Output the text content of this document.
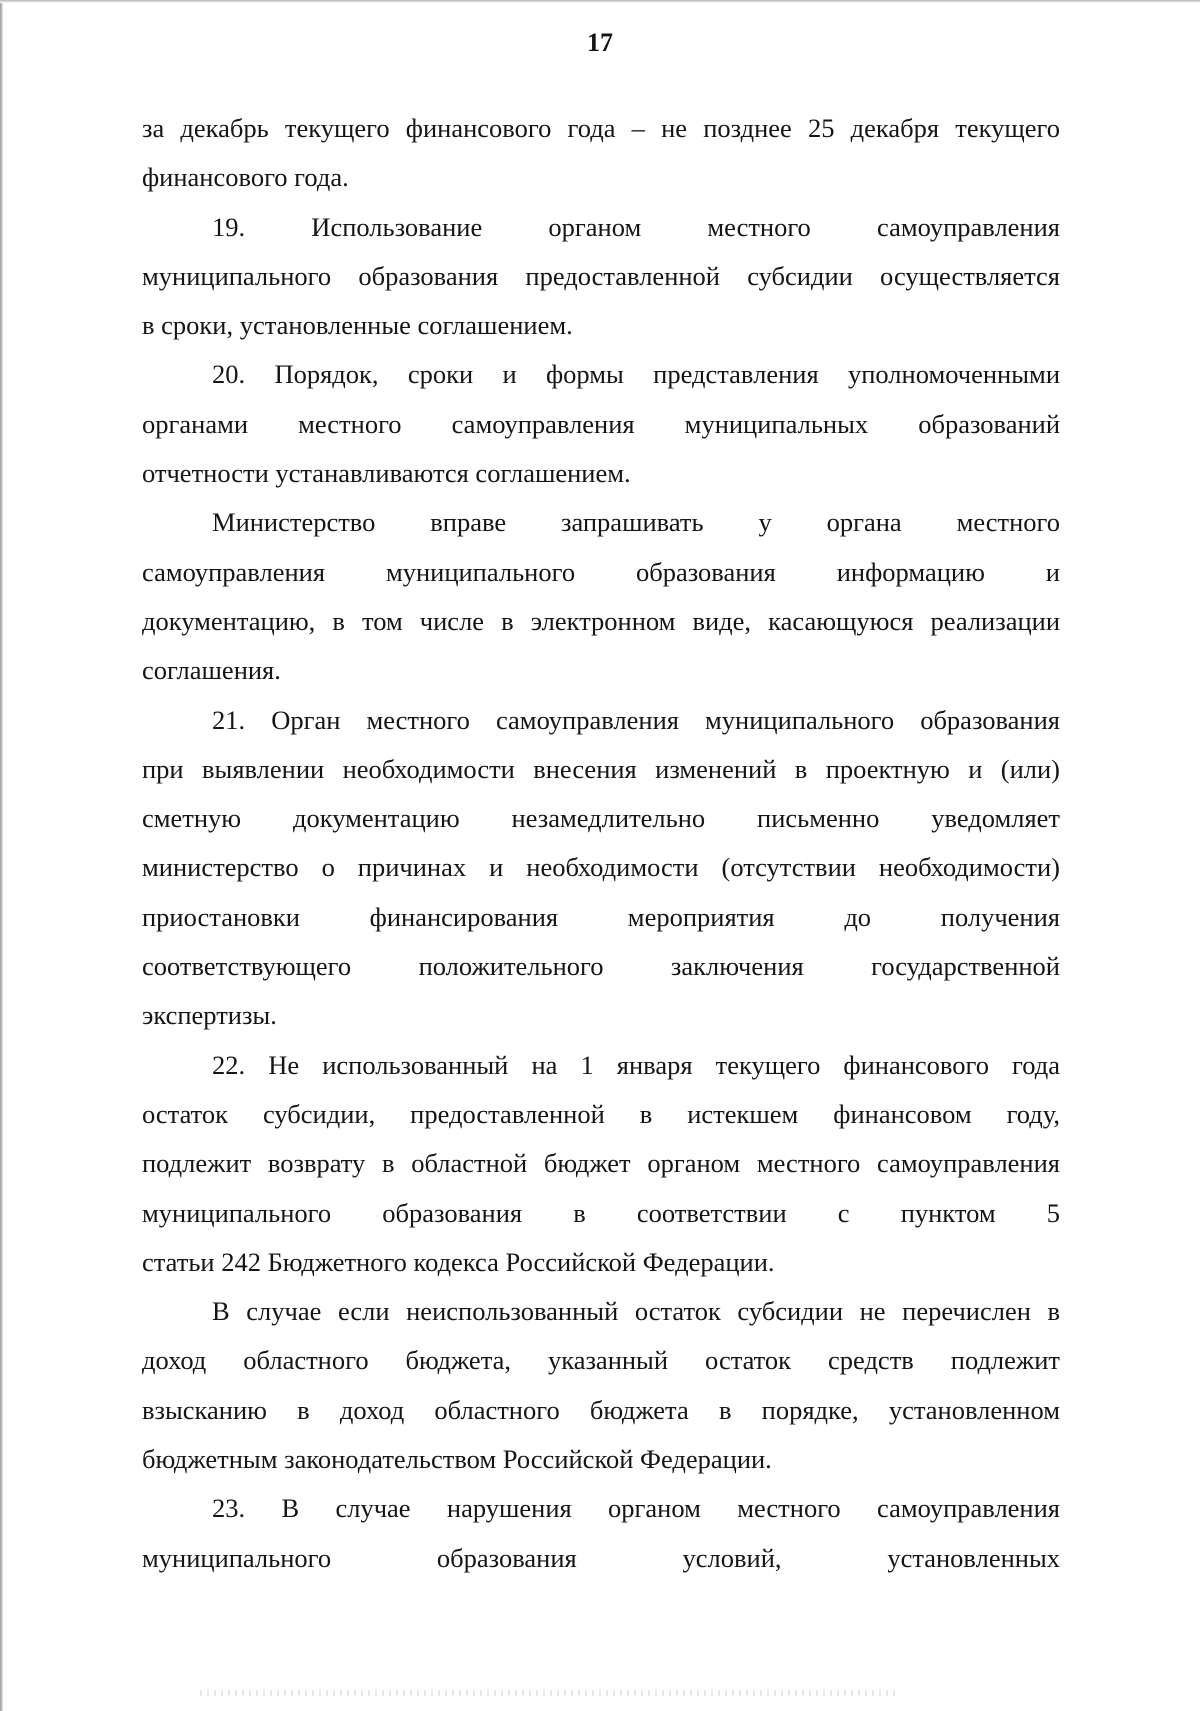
17
за декабрь текущего финансового года – не позднее 25 декабря текущего
финансового года.
19. Использование органом местного самоуправления
муниципального образования предоставленной субсидии осуществляется
в сроки, установленные соглашением.
20. Порядок, сроки и формы представления уполномоченными
органами местного самоуправления муниципальных образований
отчетности устанавливаются соглашением.
Министерство вправе запрашивать у органа местного
самоуправления муниципального образования информацию и
документацию, в том числе в электронном виде, касающуюся реализации
соглашения.
21. Орган местного самоуправления муниципального образования
при выявлении необходимости внесения изменений в проектную и (или)
сметную документацию незамедлительно письменно уведомляет
министерство о причинах и необходимости (отсутствии необходимости)
приостановки финансирования мероприятия до получения
соответствующего положительного заключения государственной
экспертизы.
22. Не использованный на 1 января текущего финансового года
остаток субсидии, предоставленной в истекшем финансовом году,
подлежит возврату в областной бюджет органом местного самоуправления
муниципального образования в соответствии с пунктом 5
статьи 242 Бюджетного кодекса Российской Федерации.
В случае если неиспользованный остаток субсидии не перечислен в
доход областного бюджета, указанный остаток средств подлежит
взысканию в доход областного бюджета в порядке, установленном
бюджетным законодательством Российской Федерации.
23. В случае нарушения органом местного самоуправления
муниципального образования условий, установленных
